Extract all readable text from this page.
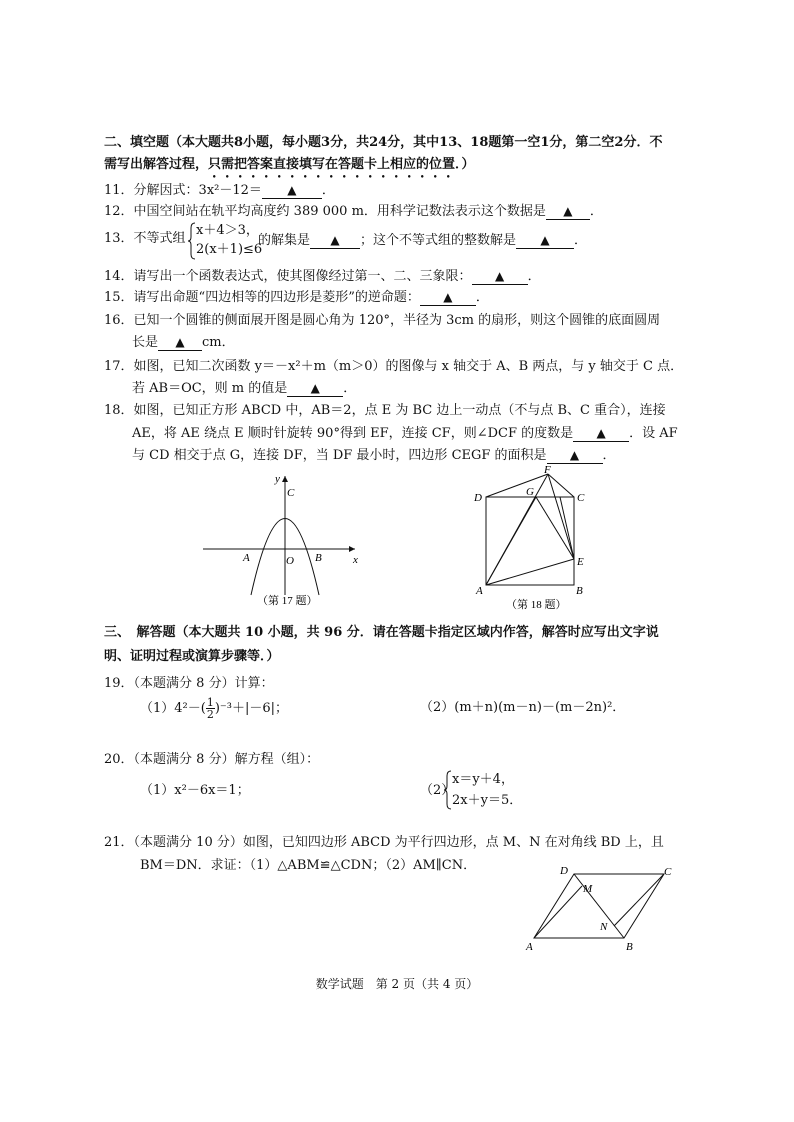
二、填空题（本大题共8小题，每小题3分，共24分，其中13、18题第一空1分，第二空2分．不
需写出解答过程，只需把答案直接填写在答题卡上相应的位置．）
11．分解因式：3x²－12＝ ▲ ．
12．中国空间站在轨平均高度约 389 000 m．用科学记数法表示这个数据是 ▲ ．
13．不等式组
x＋4＞3，
2(x＋1)≤6
的解集是 ▲ ；这个不等式组的整数解是 ▲ ．
14．请写出一个函数表达式，使其图像经过第一、二、三象限： ▲ ．
15．请写出命题“四边相等的四边形是菱形”的逆命题： ▲ ．
16．已知一个圆锥的侧面展开图是圆心角为 120°，半径为 3cm 的扇形，则这个圆锥的底面圆周
长是 ▲ cm．
17．如图，已知二次函数 y＝－x²＋m（m＞0）的图像与 x 轴交于 A、B 两点，与 y 轴交于 C 点．
若 AB＝OC，则 m 的值是 ▲ ．
18．如图，已知正方形 ABCD 中，AB＝2，点 E 为 BC 边上一动点（不与点 B、C 重合），连接
AE，将 AE 绕点 E 顺时针旋转 90°得到 EF，连接 CF，则∠DCF 的度数是 ▲ ．设 AF
与 CD 相交于点 G，连接 DF，当 DF 最小时，四边形 CEGF 的面积是 ▲ ．
y
C
A	O B	x
（第 17 题）
F
G
D	C
E
A	B
（第 18 题）
三、　解答题（本大题共 10 小题，共 96 分．请在答题卡指定区域内作答，解答时应写出文字说
明、证明过程或演算步骤等．）
19．（本题满分 8 分）计算：
$(1)4^2-( \frac{1}{2} )^{-3}+|-6|$；	（2）(m＋n)(m－n)－(m－2n)²．
20．（本题满分 8 分）解方程（组）：
（1）x²－6x＝1；	（2）
x＝y＋4，
2x＋y＝5．
21．（本题满分 10 分）如图，已知四边形 ABCD 为平行四边形，点 M、N 在对角线 BD 上，且
BM＝DN．求证：（1）△ABM≌△CDN；（2）AM∥CN．	D	C
M
N
A	B
数学试题　第 2 页（共 4 页）
